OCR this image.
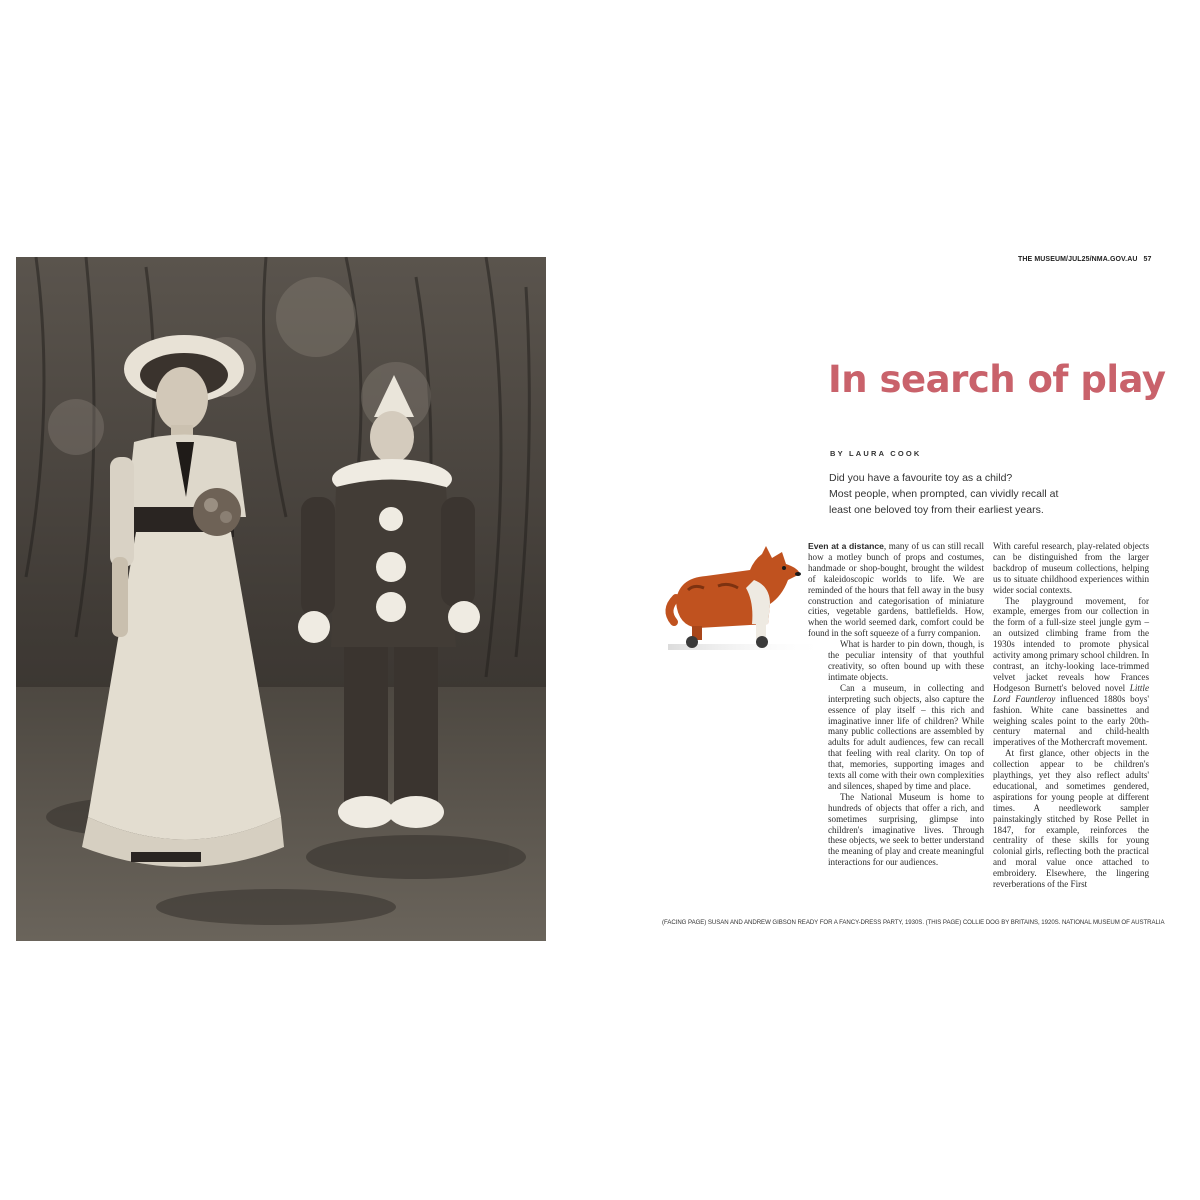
THE MUSEUM/JUL25/NMA.GOV.AU 57
In search of play
BY LAURA COOK
Did you have a favourite toy as a child?
Most people, when prompted, can vividly recall at
least one beloved toy from their earliest years.

Even at a distance, many of us can still recall how a motley bunch of props and costumes, handmade or shop-bought, brought the wildest of kaleidoscopic worlds to life. We are reminded of the hours that fell away in the busy construction and categorisation of miniature cities, vegetable gardens, battlefields. How, when the world seemed dark, comfort could be found in the soft squeeze of a furry companion.

What is harder to pin down, though, is the peculiar intensity of that youthful creativity, so often bound up with these intimate objects.

Can a museum, in collecting and interpreting such objects, also capture the essence of play itself – this rich and imaginative inner life of children? While many public collections are assembled by adults for adult audiences, few can recall that feeling with real clarity. On top of that, memories, supporting images and texts all come with their own complexities and silences, shaped by time and place.

The National Museum is home to hundreds of objects that offer a rich, and sometimes surprising, glimpse into children's imaginative lives. Through these objects, we seek to better understand the meaning of play and create meaningful interactions for our audiences.

With careful research, play-related objects can be distinguished from the larger backdrop of museum collections, helping us to situate childhood experiences within wider social contexts.

The playground movement, for example, emerges from our collection in the form of a full-size steel jungle gym – an outsized climbing frame from the 1930s intended to promote physical activity among primary school children. In contrast, an itchy-looking lace-trimmed velvet jacket reveals how Frances Hodgeson Burnett's beloved novel Little Lord Fauntleroy influenced 1880s boys' fashion. White cane bassinettes and weighing scales point to the early 20th-century maternal and child-health imperatives of the Mothercraft movement.

At first glance, other objects in the collection appear to be children's playthings, yet they also reflect adults' educational, and sometimes gendered, aspirations for young people at different times. A needlework sampler painstakingly stitched by Rose Pellet in 1847, for example, reinforces the centrality of these skills for young colonial girls, reflecting both the practical and moral value once attached to embroidery. Elsewhere, the lingering reverberations of the First

(FACING PAGE) SUSAN AND ANDREW GIBSON READY FOR A FANCY-DRESS PARTY, 1930S. (THIS PAGE) COLLIE DOG BY BRITAINS, 1920S. NATIONAL MUSEUM OF AUSTRALIA
